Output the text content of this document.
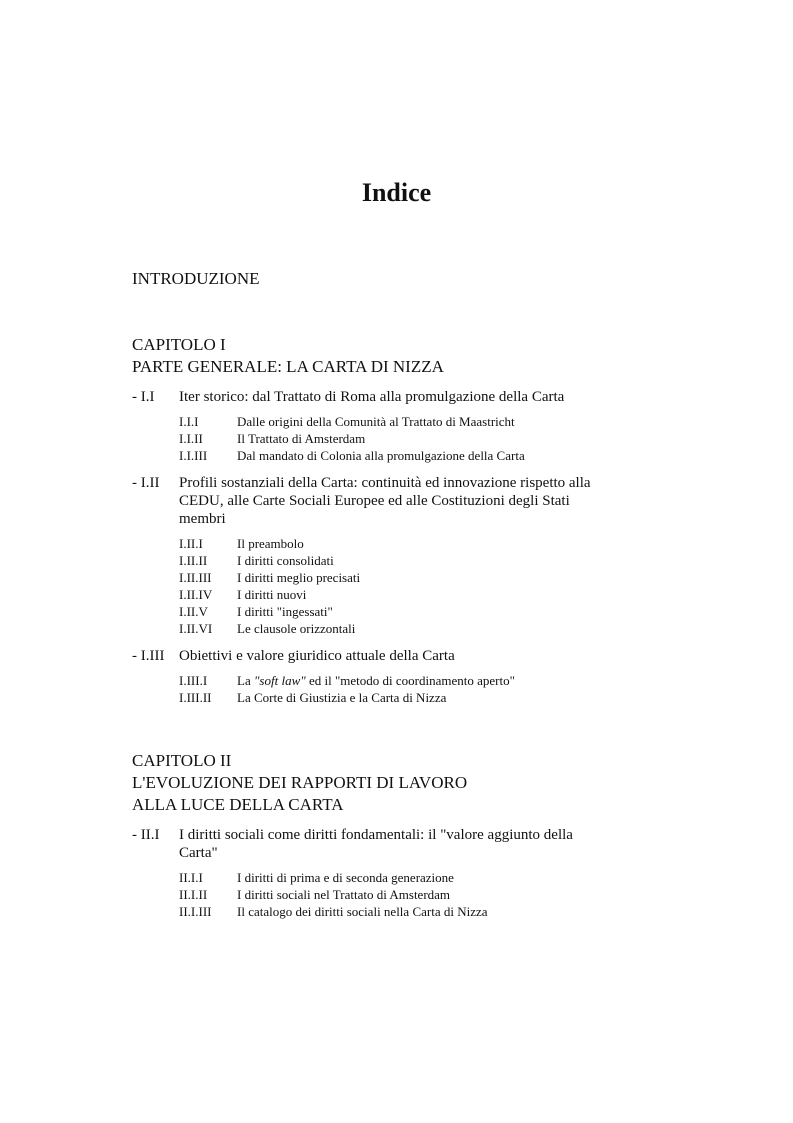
Indice

INTRODUZIONE

CAPITOLO I
PARTE GENERALE: LA CARTA DI NIZZA
- I.I	Iter storico: dal Trattato di Roma alla promulgazione della Carta
I.I.I	Dalle origini della Comunità al Trattato di Maastricht
I.I.II	Il Trattato di Amsterdam
I.I.III	Dal mandato di Colonia alla promulgazione della Carta
- I.II	Profili sostanziali della Carta: continuità ed innovazione rispetto alla CEDU, alle Carte Sociali Europee ed alle Costituzioni degli Stati membri
I.II.I	Il preambolo
I.II.II	I diritti consolidati
I.II.III	I diritti meglio precisati
I.II.IV	I diritti nuovi
I.II.V	I diritti "ingessati"
I.II.VI	Le clausole orizzontali
- I.III Obiettivi e valore giuridico attuale della Carta
I.III.I	La "soft law" ed il "metodo di coordinamento aperto"
I.III.II	La Corte di Giustizia e la Carta di Nizza
CAPITOLO II
L'EVOLUZIONE DEI RAPPORTI DI LAVORO
ALLA LUCE DELLA CARTA
- II.I	I diritti sociali come diritti fondamentali: il "valore aggiunto della Carta"
II.I.I	I diritti di prima e di seconda generazione
II.I.II	I diritti sociali nel Trattato di Amsterdam
II.I.III	Il catalogo dei diritti sociali nella Carta di Nizza
